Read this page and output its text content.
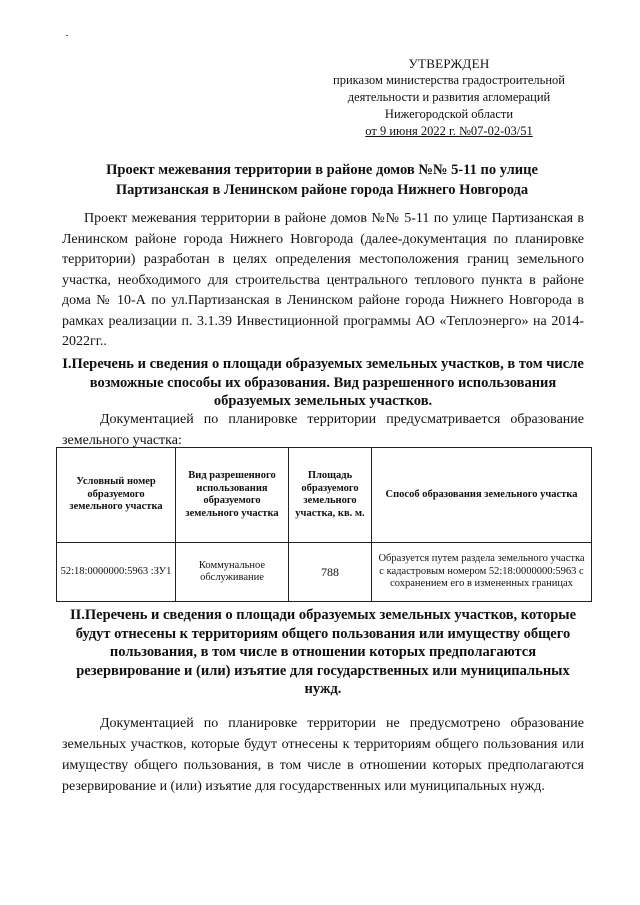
УТВЕРЖДЕН
приказом министерства градостроительной
деятельности и развития агломераций
Нижегородской области
от 9 июня 2022 г. №07-02-03/51
Проект межевания территории в районе домов №№ 5-11 по улице
Партизанская в Ленинском районе города Нижнего Новгорода
Проект межевания территории в районе домов №№ 5-11 по улице Партизанская в Ленинском районе города Нижнего Новгорода (далее-документация по планировке территории) разработан в целях определения местоположения границ земельного участка, необходимого для строительства центрального теплового пункта в районе дома № 10-А по ул.Партизанская в Ленинском районе города Нижнего Новгорода в рамках реализации п. 3.1.39 Инвестиционной программы АО «Теплоэнерго» на 2014-2022гг..
I.Перечень и сведения о площади образуемых земельных участков, в том числе возможные способы их образования. Вид разрешенного использования образуемых земельных участков.
Документацией по планировке территории предусматривается образование земельного участка:
Условный номер образуемого земельного участка	Вид разрешенного использования образуемого земельного участка	Площадь образуемого земельного участка, кв. м.	Способ образования земельного участка
52:18:0000000:5963 :ЗУ1	Коммунальное обслуживание	788	Образуется путем раздела земельного участка с кадастровым номером 52:18:0000000:5963 с сохранением его в измененных границах
II.Перечень и сведения о площади образуемых земельных участков, которые будут отнесены к территориям общего пользования или имуществу общего пользования, в том числе в отношении которых предполагаются резервирование и (или) изъятие для государственных или муниципальных нужд.
Документацией по планировке территории не предусмотрено образование земельных участков, которые будут отнесены к территориям общего пользования или имуществу общего пользования, в том числе в отношении которых предполагаются резервирование и (или) изъятие для государственных или муниципальных нужд.
